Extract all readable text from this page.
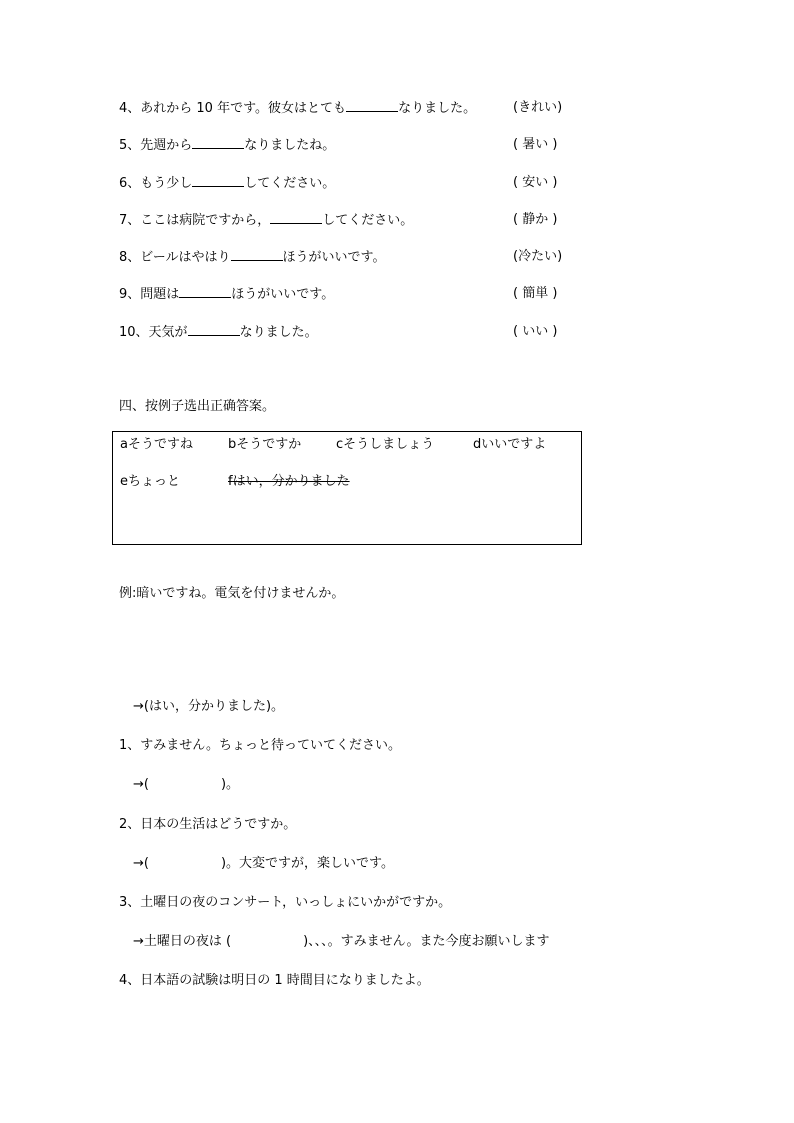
4、あれから 10 年です。彼女はとても	なりました。	(きれい)
5、先週から	なりましたね。	( 暑い )
6、もう少し	してください。	( 安い )
7、ここは病院ですから，	してください。	( 静か )
8、ビールはやはり	ほうがいいです。	(冷たい)
9、問題は	ほうがいいです。	( 簡単 )
10、天気が	なりました。	( いい )
四、按例子选出正确答案。
aそうですね	bそうですか	cそうしましょう	dいいですよ
eちょっと	fはい，分かりました
例:暗いですね。電気を付けませんか。
→(はい，分かりました)。
1、すみません。ちょっと待っていてください。
→(	)。
2、日本の生活はどうですか。
→(	)。大変ですが，楽しいです。
3、土曜日の夜のコンサート，いっしょにいかがですか。
→土曜日の夜は (	)、、、。すみません。また今度お願いします
4、日本語の試験は明日の 1 時間目になりましたよ。
